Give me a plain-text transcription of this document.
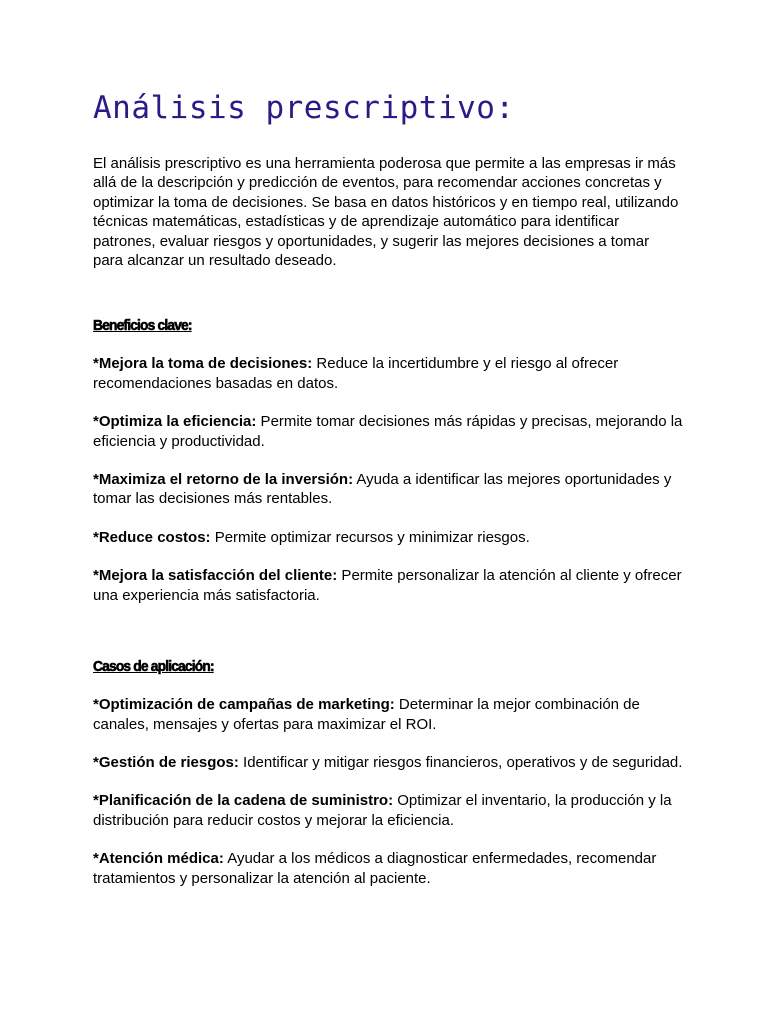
Análisis prescriptivo:

El análisis prescriptivo es una herramienta poderosa que permite a las empresas ir más allá de la descripción y predicción de eventos, para recomendar acciones concretas y optimizar la toma de decisiones. Se basa en datos históricos y en tiempo real, utilizando técnicas matemáticas, estadísticas y de aprendizaje automático para identificar patrones, evaluar riesgos y oportunidades, y sugerir las mejores decisiones a tomar para alcanzar un resultado deseado.

Beneficios clave:

*Mejora la toma de decisiones: Reduce la incertidumbre y el riesgo al ofrecer recomendaciones basadas en datos.

*Optimiza la eficiencia: Permite tomar decisiones más rápidas y precisas, mejorando la eficiencia y productividad.

*Maximiza el retorno de la inversión: Ayuda a identificar las mejores oportunidades y tomar las decisiones más rentables.

*Reduce costos: Permite optimizar recursos y minimizar riesgos.

*Mejora la satisfacción del cliente: Permite personalizar la atención al cliente y ofrecer una experiencia más satisfactoria.

Casos de aplicación:

*Optimización de campañas de marketing: Determinar la mejor combinación de canales, mensajes y ofertas para maximizar el ROI.

*Gestión de riesgos: Identificar y mitigar riesgos financieros, operativos y de seguridad.

*Planificación de la cadena de suministro: Optimizar el inventario, la producción y la distribución para reducir costos y mejorar la eficiencia.

*Atención médica: Ayudar a los médicos a diagnosticar enfermedades, recomendar tratamientos y personalizar la atención al paciente.
